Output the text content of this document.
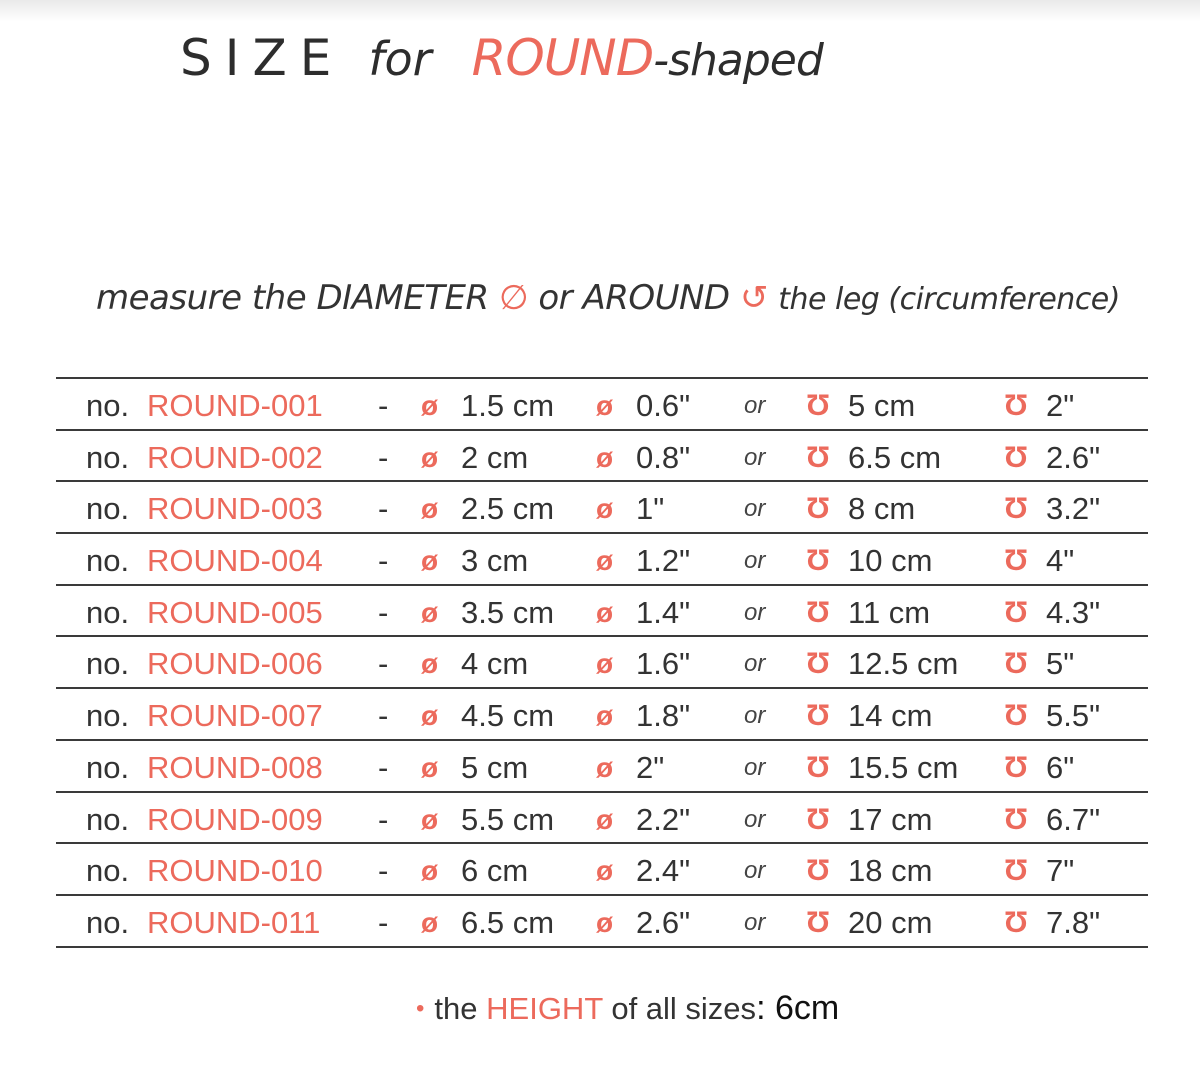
SIZE for ROUND-shaped
measure the DIAMETER ∅ or AROUND ↺ the leg (circumference)
no. ROUND-001 - ø 1.5 cm ø 0.6" or Ʊ 5 cm	Ʊ 2"
no. ROUND-002 - ø 2 cm ø 0.8" or Ʊ 6.5 cm Ʊ 2.6"
no. ROUND-003 - ø 2.5 cm ø 1"	or Ʊ 8 cm	Ʊ 3.2"
no. ROUND-004 - ø 3 cm ø 1.2" or Ʊ 10 cm Ʊ 4"
no. ROUND-005 - ø 3.5 cm ø 1.4" or Ʊ 11 cm Ʊ 4.3"
no. ROUND-006 - ø 4 cm ø 1.6" or Ʊ 12.5 cm Ʊ 5"
no. ROUND-007 - ø 4.5 cm ø 1.8" or Ʊ 14 cm Ʊ 5.5"
no. ROUND-008 - ø 5 cm ø 2"	or Ʊ 15.5 cm Ʊ 6"
no. ROUND-009 - ø 5.5 cm ø 2.2" or Ʊ 17 cm Ʊ 6.7"
no. ROUND-010 - ø 6 cm ø 2.4" or Ʊ 18 cm Ʊ 7"
no. ROUND-011 - ø 6.5 cm ø 2.6" or Ʊ 20 cm Ʊ 7.8"
• the HEIGHT of all sizes: 6cm
